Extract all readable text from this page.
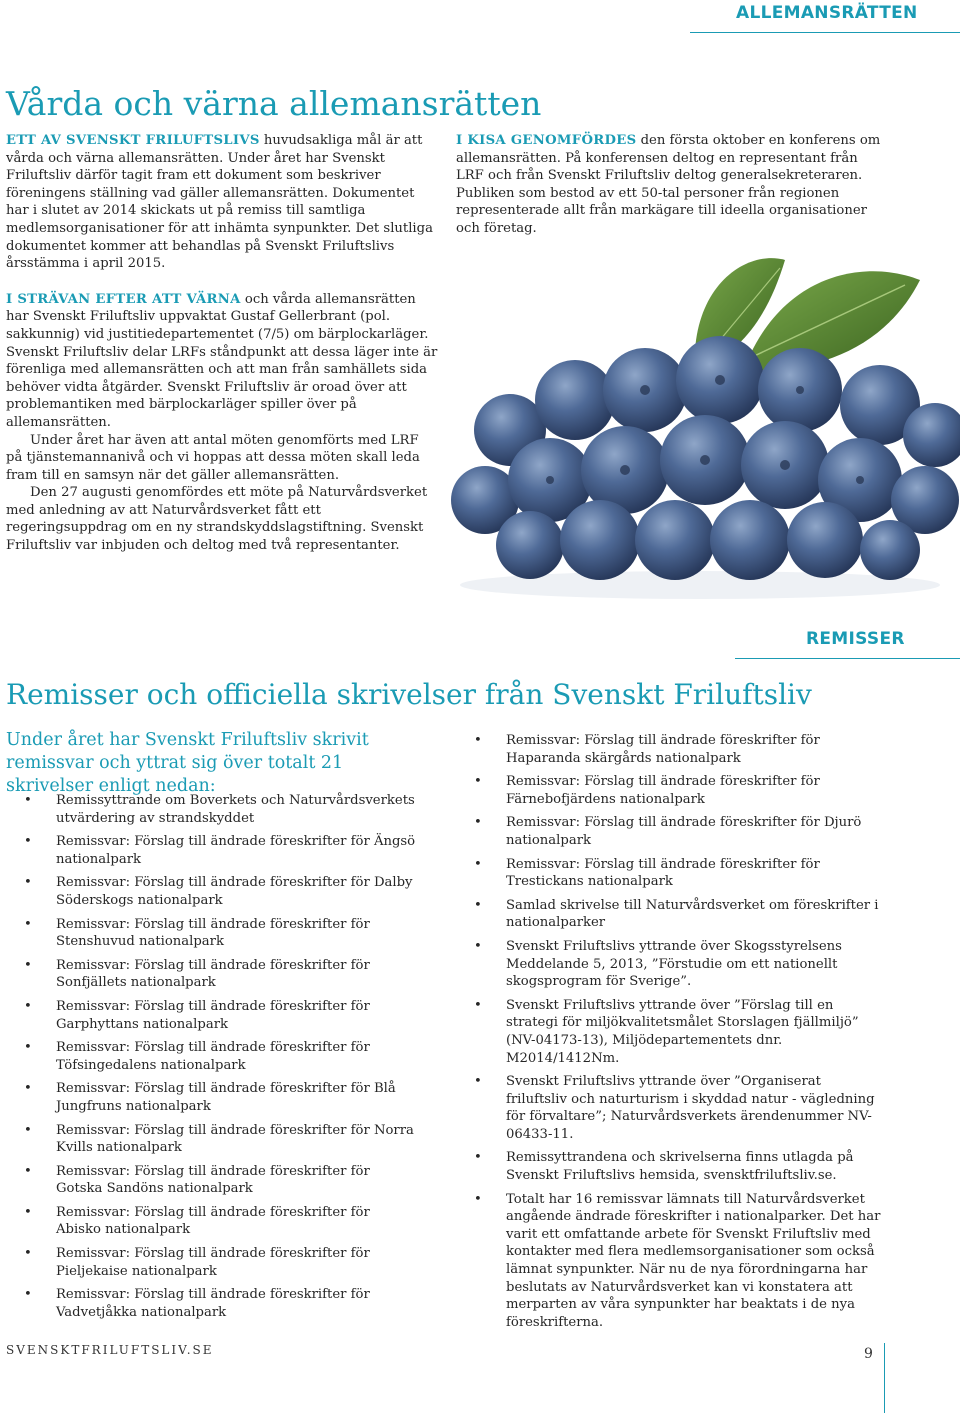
ALLEMANSRÄTTEN
Vårda och värna allemansrätten

ETT AV SVENSKT FRILUFTSLIVS huvudsakliga mål är att vårda och värna allemansrätten. Under året har Svenskt Friluftsliv därför tagit fram ett dokument som beskriver föreningens ställning vad gäller allemansrätten. Dokumentet har i slutet av 2014 skickats ut på remiss till samtliga medlemsorganisationer för att inhämta synpunkter. Det slutliga dokumentet kommer att behandlas på Svenskt Friluftslivs årsstämma i april 2015.

I STRÄVAN EFTER ATT VÄRNA och vårda allemansrätten har Svenskt Friluftsliv uppvaktat Gustaf Gellerbrant (pol. sakkunnig) vid justitiedepartementet (7/5) om bärplockarläger. Svenskt Friluftsliv delar LRFs ståndpunkt att dessa läger inte är förenliga med allemansrätten och att man från samhällets sida behöver vidta åtgärder. Svenskt Friluftsliv är oroad över att problemantiken med bärplockarläger spiller över på allemansrätten.

Under året har även att antal möten genomförts med LRF på tjänstemannanivå och vi hoppas att dessa möten skall leda fram till en samsyn när det gäller allemansrätten.

Den 27 augusti genomfördes ett möte på Naturvårdsverket med anledning av att Naturvårdsverket fått ett regeringsuppdrag om en ny strandskyddslagstiftning. Svenskt Friluftsliv var inbjuden och deltog med två representanter.

I KISA GENOMFÖRDES den första oktober en konferens om allemansrätten. På konferensen deltog en representant från LRF och från Svenskt Friluftsliv deltog generalsekreteraren. Publiken som bestod av ett 50-tal personer från regionen representerade allt från markägare till ideella organisationer och företag.

REMISSER
Remisser och officiella skrivelser från Svenskt Friluftsliv

Under året har Svenskt Friluftsliv skrivit remissvar och yttrat sig över totalt 21 skrivelser enligt nedan:

• Remissyttrande om Boverkets och Naturvårdsverkets utvärdering av strandskyddet
• Remissvar: Förslag till ändrade föreskrifter för Ängsö nationalpark
• Remissvar: Förslag till ändrade föreskrifter för Dalby Söderskogs nationalpark
• Remissvar: Förslag till ändrade föreskrifter för Stenshuvud nationalpark
• Remissvar: Förslag till ändrade föreskrifter för Sonfjällets nationalpark
• Remissvar: Förslag till ändrade föreskrifter för Garphyttans nationalpark
• Remissvar: Förslag till ändrade föreskrifter för Töfsingedalens nationalpark
• Remissvar: Förslag till ändrade föreskrifter för Blå Jungfruns nationalpark
• Remissvar: Förslag till ändrade föreskrifter för Norra Kvills nationalpark
• Remissvar: Förslag till ändrade föreskrifter för Gotska Sandöns nationalpark
• Remissvar: Förslag till ändrade föreskrifter för Abisko nationalpark
• Remissvar: Förslag till ändrade föreskrifter för Pieljekaise nationalpark
• Remissvar: Förslag till ändrade föreskrifter för Vadvetjåkka nationalpark
• Remissvar: Förslag till ändrade föreskrifter för Haparanda skärgårds nationalpark
• Remissvar: Förslag till ändrade föreskrifter för Färnebofjärdens nationalpark
• Remissvar: Förslag till ändrade föreskrifter för Djurö nationalpark
• Remissvar: Förslag till ändrade föreskrifter för Trestickans nationalpark
• Samlad skrivelse till Naturvårdsverket om föreskrifter i nationalparker
• Svenskt Friluftslivs yttrande över Skogsstyrelsens Meddelande 5, 2013, ”Förstudie om ett nationellt skogsprogram för Sverige”.
• Svenskt Friluftslivs yttrande över ”Förslag till en strategi för miljökvalitetsmålet Storslagen fjällmiljö” (NV-04173-13), Miljödepartementets dnr. M2014/1412Nm.
• Svenskt Friluftslivs yttrande över ”Organiserat friluftsliv och naturturism i skyddad natur - vägledning för förvaltare”; Naturvårdsverkets ärendenummer NV-06433-11.
• Remissyttrandena och skrivelserna finns utlagda på Svenskt Friluftslivs hemsida, svensktfriluftsliv.se.
• Totalt har 16 remissvar lämnats till Naturvårdsverket angående ändrade föreskrifter i nationalparker. Det har varit ett omfattande arbete för Svenskt Friluftsliv med kontakter med flera medlemsorganisationer som också lämnat synpunkter. När nu de nya förordningarna har beslutats av Naturvårdsverket kan vi konstatera att merparten av våra synpunkter har beaktats i de nya föreskrifterna.
SVENSKTFRILUFTSLIV.SE	9
